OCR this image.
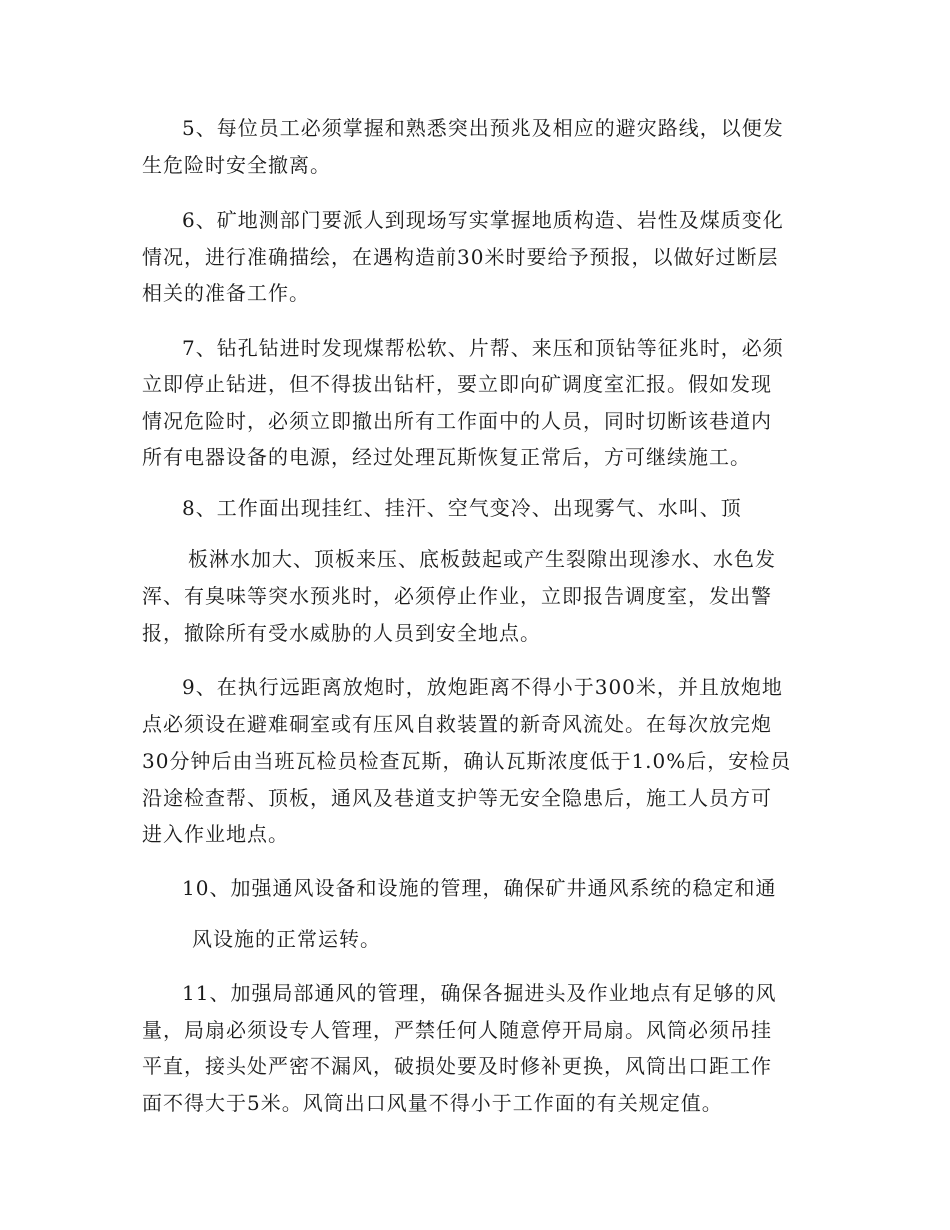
5、每位员工必须掌握和熟悉突出预兆及相应的避灾路线，以便发
生危险时安全撤离。
6、矿地测部门要派人到现场写实掌握地质构造、岩性及煤质变化
情况，进行准确描绘，在遇构造前30米时要给予预报，以做好过断层
相关的准备工作。
7、钻孔钻进时发现煤帮松软、片帮、来压和顶钻等征兆时，必须
立即停止钻进，但不得拔出钻杆，要立即向矿调度室汇报。假如发现
情况危险时，必须立即撤出所有工作面中的人员，同时切断该巷道内
所有电器设备的电源，经过处理瓦斯恢复正常后，方可继续施工。
8、工作面出现挂红、挂汗、空气变冷、出现雾气、水叫、顶
板淋水加大、顶板来压、底板鼓起或产生裂隙出现渗水、水色发
浑、有臭味等突水预兆时，必须停止作业，立即报告调度室，发出警
报，撤除所有受水威胁的人员到安全地点。
9、在执行远距离放炮时，放炮距离不得小于300米，并且放炮地
点必须设在避难硐室或有压风自救装置的新奇风流处。在每次放完炮
30分钟后由当班瓦检员检查瓦斯，确认瓦斯浓度低于1.0%后，安检员
沿途检查帮、顶板，通风及巷道支护等无安全隐患后，施工人员方可
进入作业地点。
10、加强通风设备和设施的管理，确保矿井通风系统的稳定和通
风设施的正常运转。
11、加强局部通风的管理，确保各掘进头及作业地点有足够的风
量，局扇必须设专人管理，严禁任何人随意停开局扇。风筒必须吊挂
平直，接头处严密不漏风，破损处要及时修补更换，风筒出口距工作
面不得大于5米。风筒出口风量不得小于工作面的有关规定值。
